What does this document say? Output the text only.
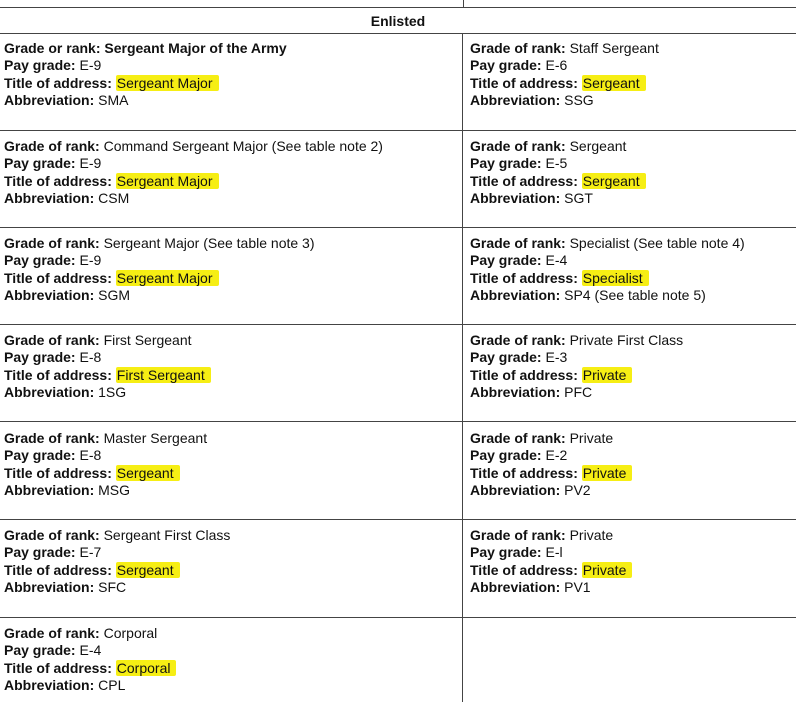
Enlisted
Grade or rank: Sergeant Major of the Army
Pay grade: E-9
Title of address: Sergeant Major
Abbreviation: SMA
Grade of rank: Command Sergeant Major (See table note 2)
Pay grade: E-9
Title of address: Sergeant Major
Abbreviation: CSM
Grade of rank: Sergeant Major (See table note 3)
Pay grade: E-9
Title of address: Sergeant Major
Abbreviation: SGM
Grade of rank: First Sergeant
Pay grade: E-8
Title of address: First Sergeant
Abbreviation: 1SG
Grade of rank: Master Sergeant
Pay grade: E-8
Title of address: Sergeant
Abbreviation: MSG
Grade of rank: Sergeant First Class
Pay grade: E-7
Title of address: Sergeant
Abbreviation: SFC
Grade of rank: Corporal
Pay grade: E-4
Title of address: Corporal
Abbreviation: CPL
Grade of rank: Staff Sergeant
Pay grade: E-6
Title of address: Sergeant
Abbreviation: SSG
Grade of rank: Sergeant
Pay grade: E-5
Title of address: Sergeant
Abbreviation: SGT
Grade of rank: Specialist (See table note 4)
Pay grade: E-4
Title of address: Specialist
Abbreviation: SP4 (See table note 5)
Grade of rank: Private First Class
Pay grade: E-3
Title of address: Private
Abbreviation: PFC
Grade of rank: Private
Pay grade: E-2
Title of address: Private
Abbreviation: PV2
Grade of rank: Private
Pay grade: E-l
Title of address: Private
Abbreviation: PV1
